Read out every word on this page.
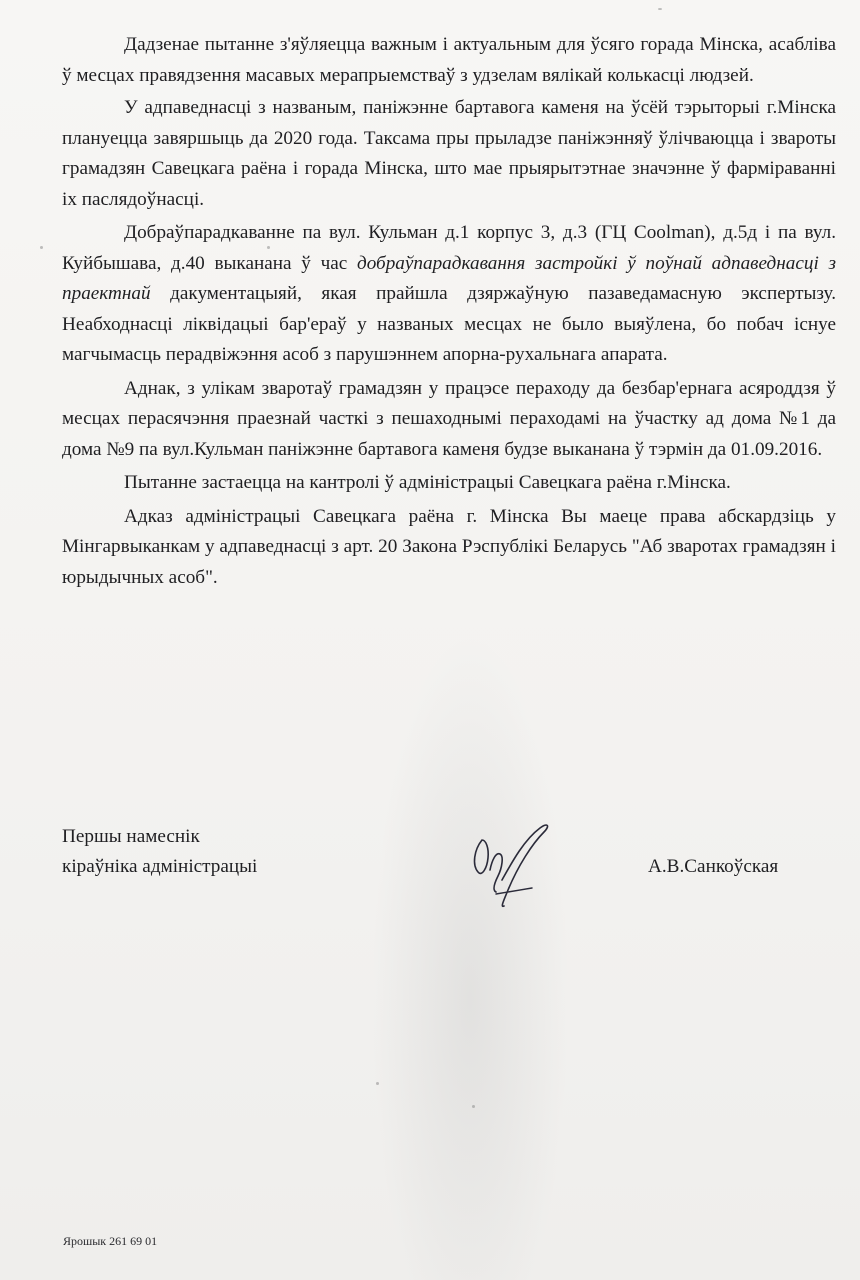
Дадзенае пытанне з'яўляецца важным і актуальным для ўсяго горада Мінска, асабліва ў месцах правядзення масавых мерапрыемстваў з удзелам вялікай колькасці людзей.

У адпаведнасці з названым, паніжэнне бартавога каменя на ўсёй тэрыторыі г.Мінска плануецца завяршыць да 2020 года. Таксама пры прыладзе паніжэнняў ўлічваюцца і звароты грамадзян Савецкага раёна і горада Мінска, што мае прыярытэтнае значэнне ў фарміраванні іх паслядоўнасці.

Добраўпарадкаванне па вул. Кульман д.1 корпус 3, д.3 (ГЦ Coolman), д.5д і па вул. Куйбышава, д.40 выканана ў час добраўпарадкавання застройкі ў поўнай адпаведнасці з праектнай дакументацыяй, якая прайшла дзяржаўную пазаведамасную экспертызу. Неабходнасці ліквідацыі бар'ераў у названых месцах не было выяўлена, бо побач існуе магчымасць перадвіжэння асоб з парушэннем апорна-рухальнага апарата.

Аднак, з улікам зваротаў грамадзян у працэсе пераходу да безбар'ернага асяроддзя ў месцах перасячэння праезнай часткі з пешаходнымі пераходамі на ўчастку ад дома №1 да дома №9 па вул.Кульман паніжэнне бартавога каменя будзе выканана ў тэрмін да 01.09.2016.

Пытанне застаецца на кантролі ў адміністрацыі Савецкага раёна г.Мінска.

Адказ адміністрацыі Савецкага раёна г. Мінска Вы маеце права абскардзіць у Мінгарвыканкам у адпаведнасці з арт. 20 Закона Рэспублікі Беларусь "Аб зваротах грамадзян і юрыдычных асоб".

Першы намеснік
кіраўніка адміністрацыі	А.В.Санкоўская
Ярошык 261 69 01
